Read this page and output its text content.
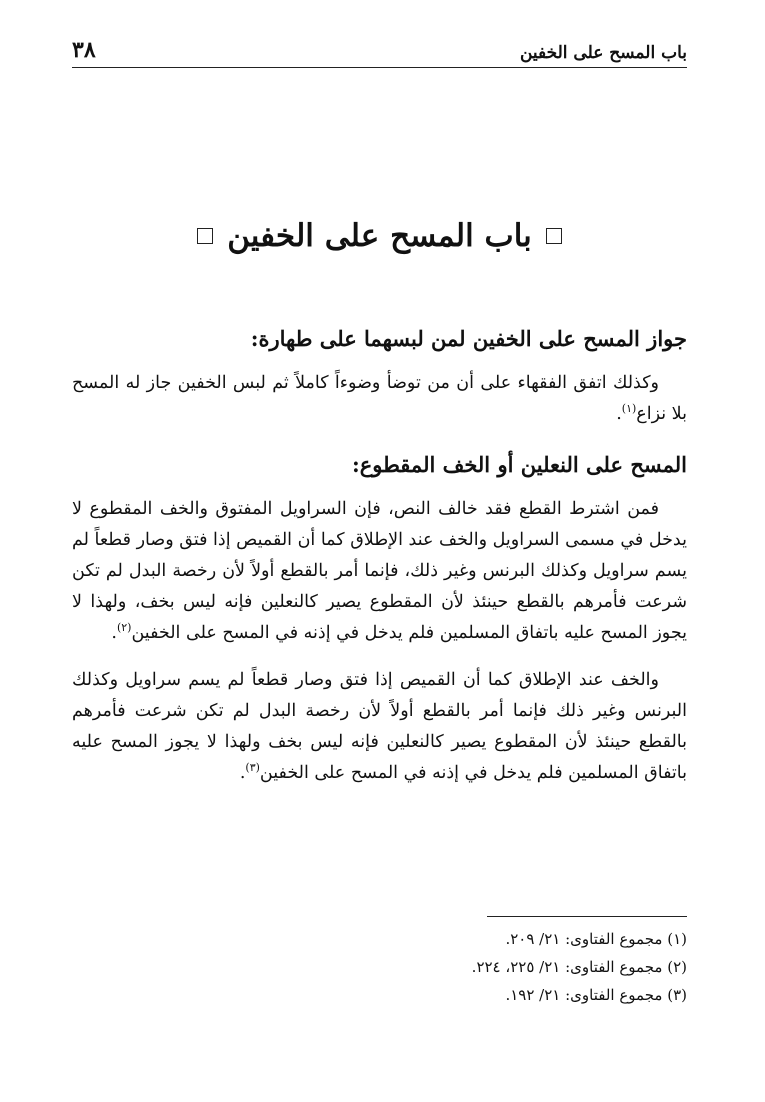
باب المسح على الخفين
٣٨
باب المسح على الخفين
جواز المسح على الخفين لمن لبسهما على طهارة:

وكذلك اتفق الفقهاء على أن من توضأ وضوءاً كاملاً ثم لبس الخفين جاز له المسح بلا نزاع$^{(١)}$.

المسح على النعلين أو الخف المقطوع:

فمن اشترط القطع فقد خالف النص، فإن السراويل المفتوق والخف المقطوع لا يدخل في مسمى السراويل والخف عند الإطلاق كما أن القميص إذا فتق وصار قطعاً لم يسم سراويل وكذلك البرنس وغير ذلك، فإنما أمر بالقطع أولاً لأن رخصة البدل لم تكن شرعت فأمرهم بالقطع حينئذ لأن المقطوع يصير كالنعلين فإنه ليس بخف، ولهذا لا يجوز المسح عليه باتفاق المسلمين فلم يدخل في إذنه في المسح على الخفين$^{(٢)}$.

والخف عند الإطلاق كما أن القميص إذا فتق وصار قطعاً لم يسم سراويل وكذلك البرنس وغير ذلك فإنما أمر بالقطع أولاً لأن رخصة البدل لم تكن شرعت فأمرهم بالقطع حينئذ لأن المقطوع يصير كالنعلين فإنه ليس بخف ولهذا لا يجوز المسح عليه باتفاق المسلمين فلم يدخل في إذنه في المسح على الخفين$^{(٣)}$.

(١) مجموع الفتاوى: ٢١/ ٢٠٩.
(٢) مجموع الفتاوى: ٢١/ ٢٢٥، ٢٢٤.
(٣) مجموع الفتاوى: ٢١/ ١٩٢.
